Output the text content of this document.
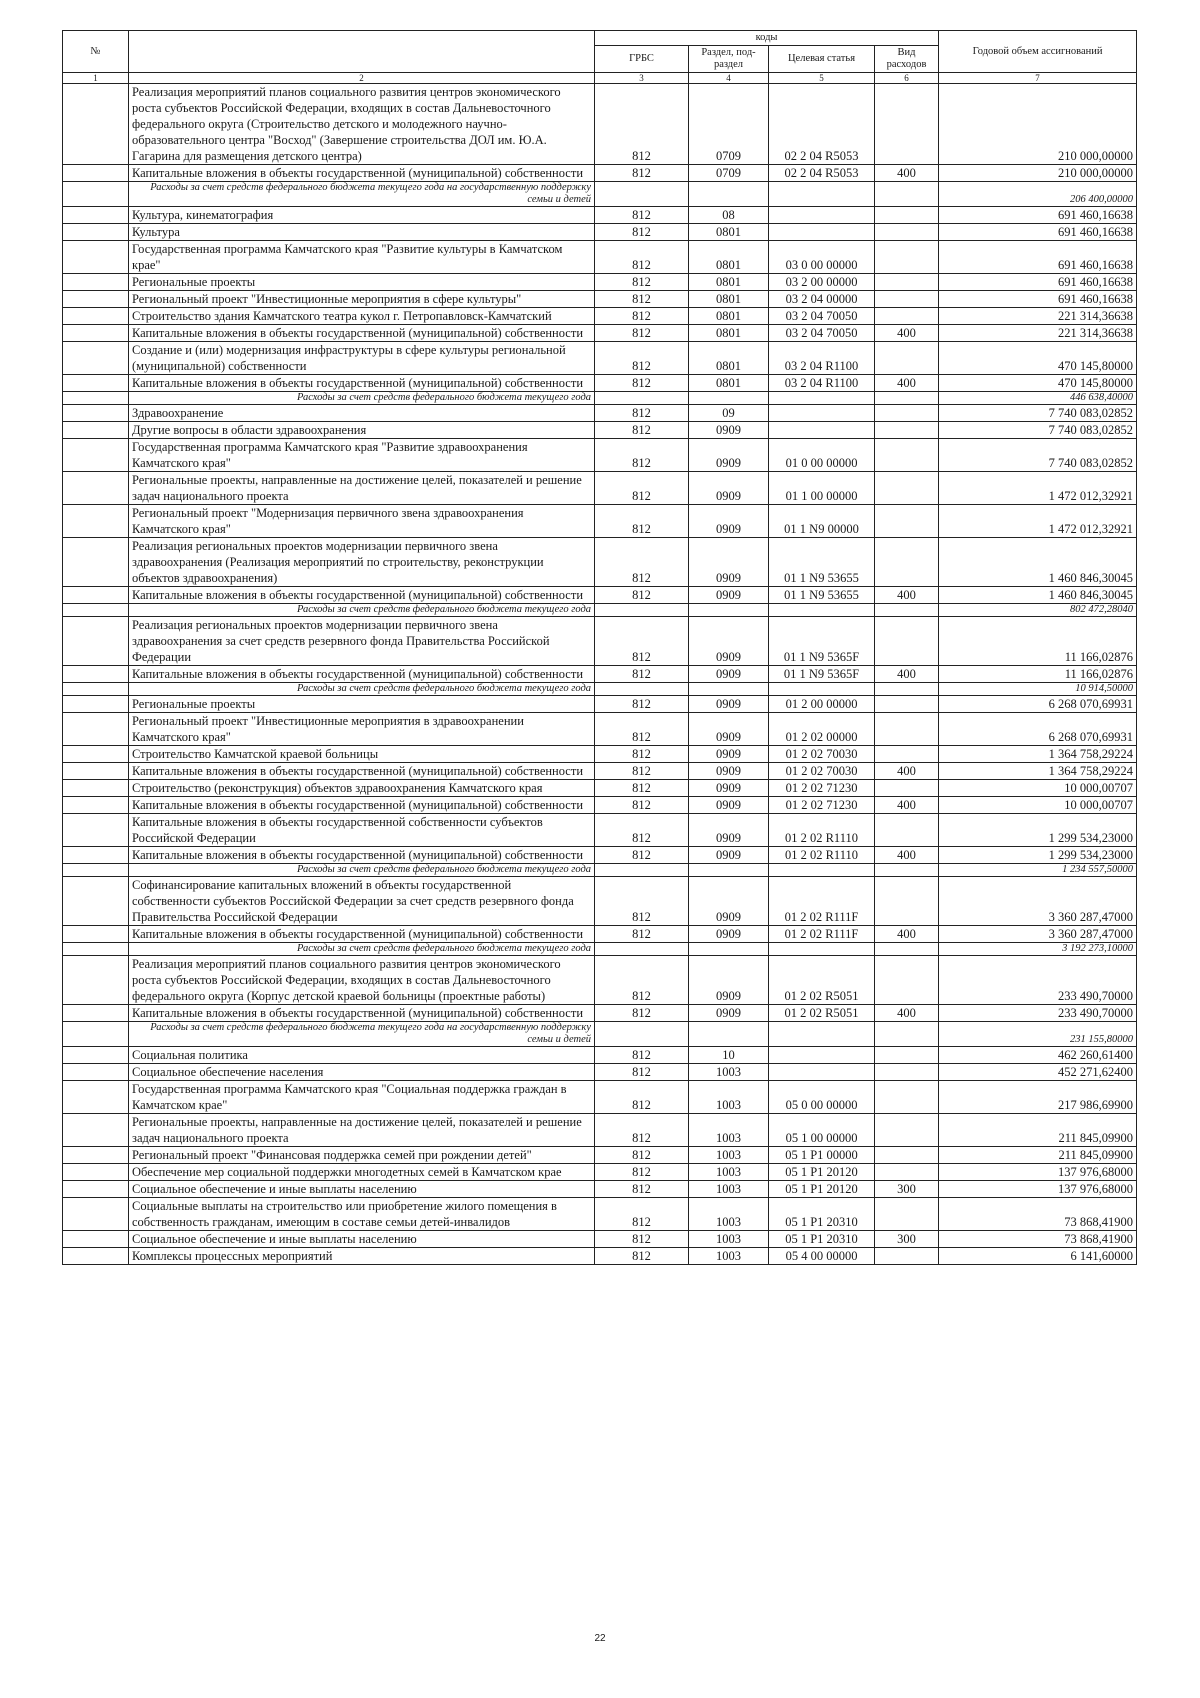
№		коды				Годовой объем ассигнований
		ГРБС	Раздел, под-раздел	Целевая статья	Вид расходов	
1	2	3	4	5	6	7
	Реализация мероприятий планов социального развития центров экономического роста субъектов Российской Федерации, входящих в состав Дальневосточного федерального округа (Строительство детского и молодежного научно-образовательного центра "Восход" (Завершение строительства ДОЛ им. Ю.А. Гагарина для размещения детского центра)	812	0709	02 2 04 R5053		210 000,00000
	Капитальные вложения в объекты государственной (муниципальной) собственности	812	0709	02 2 04 R5053	400	210 000,00000
	Расходы за счет средств федерального бюджета текущего года на государственную поддержку семьи и детей					206 400,00000
	Культура, кинематография	812	08			691 460,16638
	Культура	812	0801			691 460,16638
	Государственная программа Камчатского края "Развитие культуры в Камчатском крае"	812	0801	03 0 00 00000		691 460,16638
	Региональные проекты	812	0801	03 2 00 00000		691 460,16638
	Региональный проект "Инвестиционные мероприятия в сфере культуры"	812	0801	03 2 04 00000		691 460,16638
	Строительство здания Камчатского театра кукол г. Петропавловск-Камчатский	812	0801	03 2 04 70050		221 314,36638
	Капитальные вложения в объекты государственной (муниципальной) собственности	812	0801	03 2 04 70050	400	221 314,36638
	Создание и (или) модернизация инфраструктуры в сфере культуры региональной (муниципальной) собственности	812	0801	03 2 04 R1100		470 145,80000
	Капитальные вложения в объекты государственной (муниципальной) собственности	812	0801	03 2 04 R1100	400	470 145,80000
	Расходы за счет средств федерального бюджета текущего года					446 638,40000
	Здравоохранение	812	09			7 740 083,02852
	Другие вопросы в области здравоохранения	812	0909			7 740 083,02852
	Государственная программа Камчатского края "Развитие здравоохранения Камчатского края"	812	0909	01 0 00 00000		7 740 083,02852
	Региональные проекты, направленные на достижение целей, показателей и решение задач национального проекта	812	0909	01 1 00 00000		1 472 012,32921
	Региональный проект "Модернизация первичного звена здравоохранения Камчатского края"	812	0909	01 1 N9 00000		1 472 012,32921
	Реализация региональных проектов модернизации первичного звена здравоохранения (Реализация мероприятий по строительству, реконструкции объектов здравоохранения)	812	0909	01 1 N9 53655		1 460 846,30045
	Капитальные вложения в объекты государственной (муниципальной) собственности	812	0909	01 1 N9 53655	400	1 460 846,30045
	Расходы за счет средств федерального бюджета текущего года					802 472,28040
	Реализация региональных проектов модернизации первичного звена здравоохранения за счет средств резервного фонда Правительства Российской Федерации	812	0909	01 1 N9 5365F		11 166,02876
	Капитальные вложения в объекты государственной (муниципальной) собственности	812	0909	01 1 N9 5365F	400	11 166,02876
	Расходы за счет средств федерального бюджета текущего года					10 914,50000
	Региональные проекты	812	0909	01 2 00 00000		6 268 070,69931
	Региональный проект "Инвестиционные мероприятия в здравоохранении Камчатского края"	812	0909	01 2 02 00000		6 268 070,69931
	Строительство Камчатской краевой больницы	812	0909	01 2 02 70030		1 364 758,29224
	Капитальные вложения в объекты государственной (муниципальной) собственности	812	0909	01 2 02 70030	400	1 364 758,29224
	Строительство (реконструкция) объектов здравоохранения Камчатского края	812	0909	01 2 02 71230		10 000,00707
	Капитальные вложения в объекты государственной (муниципальной) собственности	812	0909	01 2 02 71230	400	10 000,00707
	Капитальные вложения в объекты государственной собственности субъектов Российской Федерации	812	0909	01 2 02 R1110		1 299 534,23000
	Капитальные вложения в объекты государственной (муниципальной) собственности	812	0909	01 2 02 R1110	400	1 299 534,23000
	Расходы за счет средств федерального бюджета текущего года					1 234 557,50000
	Софинансирование капитальных вложений в объекты государственной собственности субъектов Российской Федерации за счет средств резервного фонда Правительства Российской Федерации	812	0909	01 2 02 R111F		3 360 287,47000
	Капитальные вложения в объекты государственной (муниципальной) собственности	812	0909	01 2 02 R111F	400	3 360 287,47000
	Расходы за счет средств федерального бюджета текущего года					3 192 273,10000
	Реализация мероприятий планов социального развития центров экономического роста субъектов Российской Федерации, входящих в состав Дальневосточного федерального округа (Корпус детской краевой больницы (проектные работы)	812	0909	01 2 02 R5051		233 490,70000
	Капитальные вложения в объекты государственной (муниципальной) собственности	812	0909	01 2 02 R5051	400	233 490,70000
	Расходы за счет средств федерального бюджета текущего года на государственную поддержку семьи и детей					231 155,80000
	Социальная политика	812	10			462 260,61400
	Социальное обеспечение населения	812	1003			452 271,62400
	Государственная программа Камчатского края "Социальная поддержка граждан в Камчатском крае"	812	1003	05 0 00 00000		217 986,69900
	Региональные проекты, направленные на достижение целей, показателей и решение задач национального проекта	812	1003	05 1 00 00000		211 845,09900
	Региональный проект "Финансовая поддержка семей при рождении детей"	812	1003	05 1 P1 00000		211 845,09900
	Обеспечение мер социальной поддержки многодетных семей в Камчатском крае	812	1003	05 1 P1 20120		137 976,68000
	Социальное обеспечение и иные выплаты населению	812	1003	05 1 P1 20120	300	137 976,68000
	Социальные выплаты на строительство или приобретение жилого помещения в собственность гражданам, имеющим в составе семьи детей-инвалидов	812	1003	05 1 P1 20310		73 868,41900
	Социальное обеспечение и иные выплаты населению	812	1003	05 1 P1 20310	300	73 868,41900
	Комплексы процессных мероприятий	812	1003	05 4 00 00000		6 141,60000
22
